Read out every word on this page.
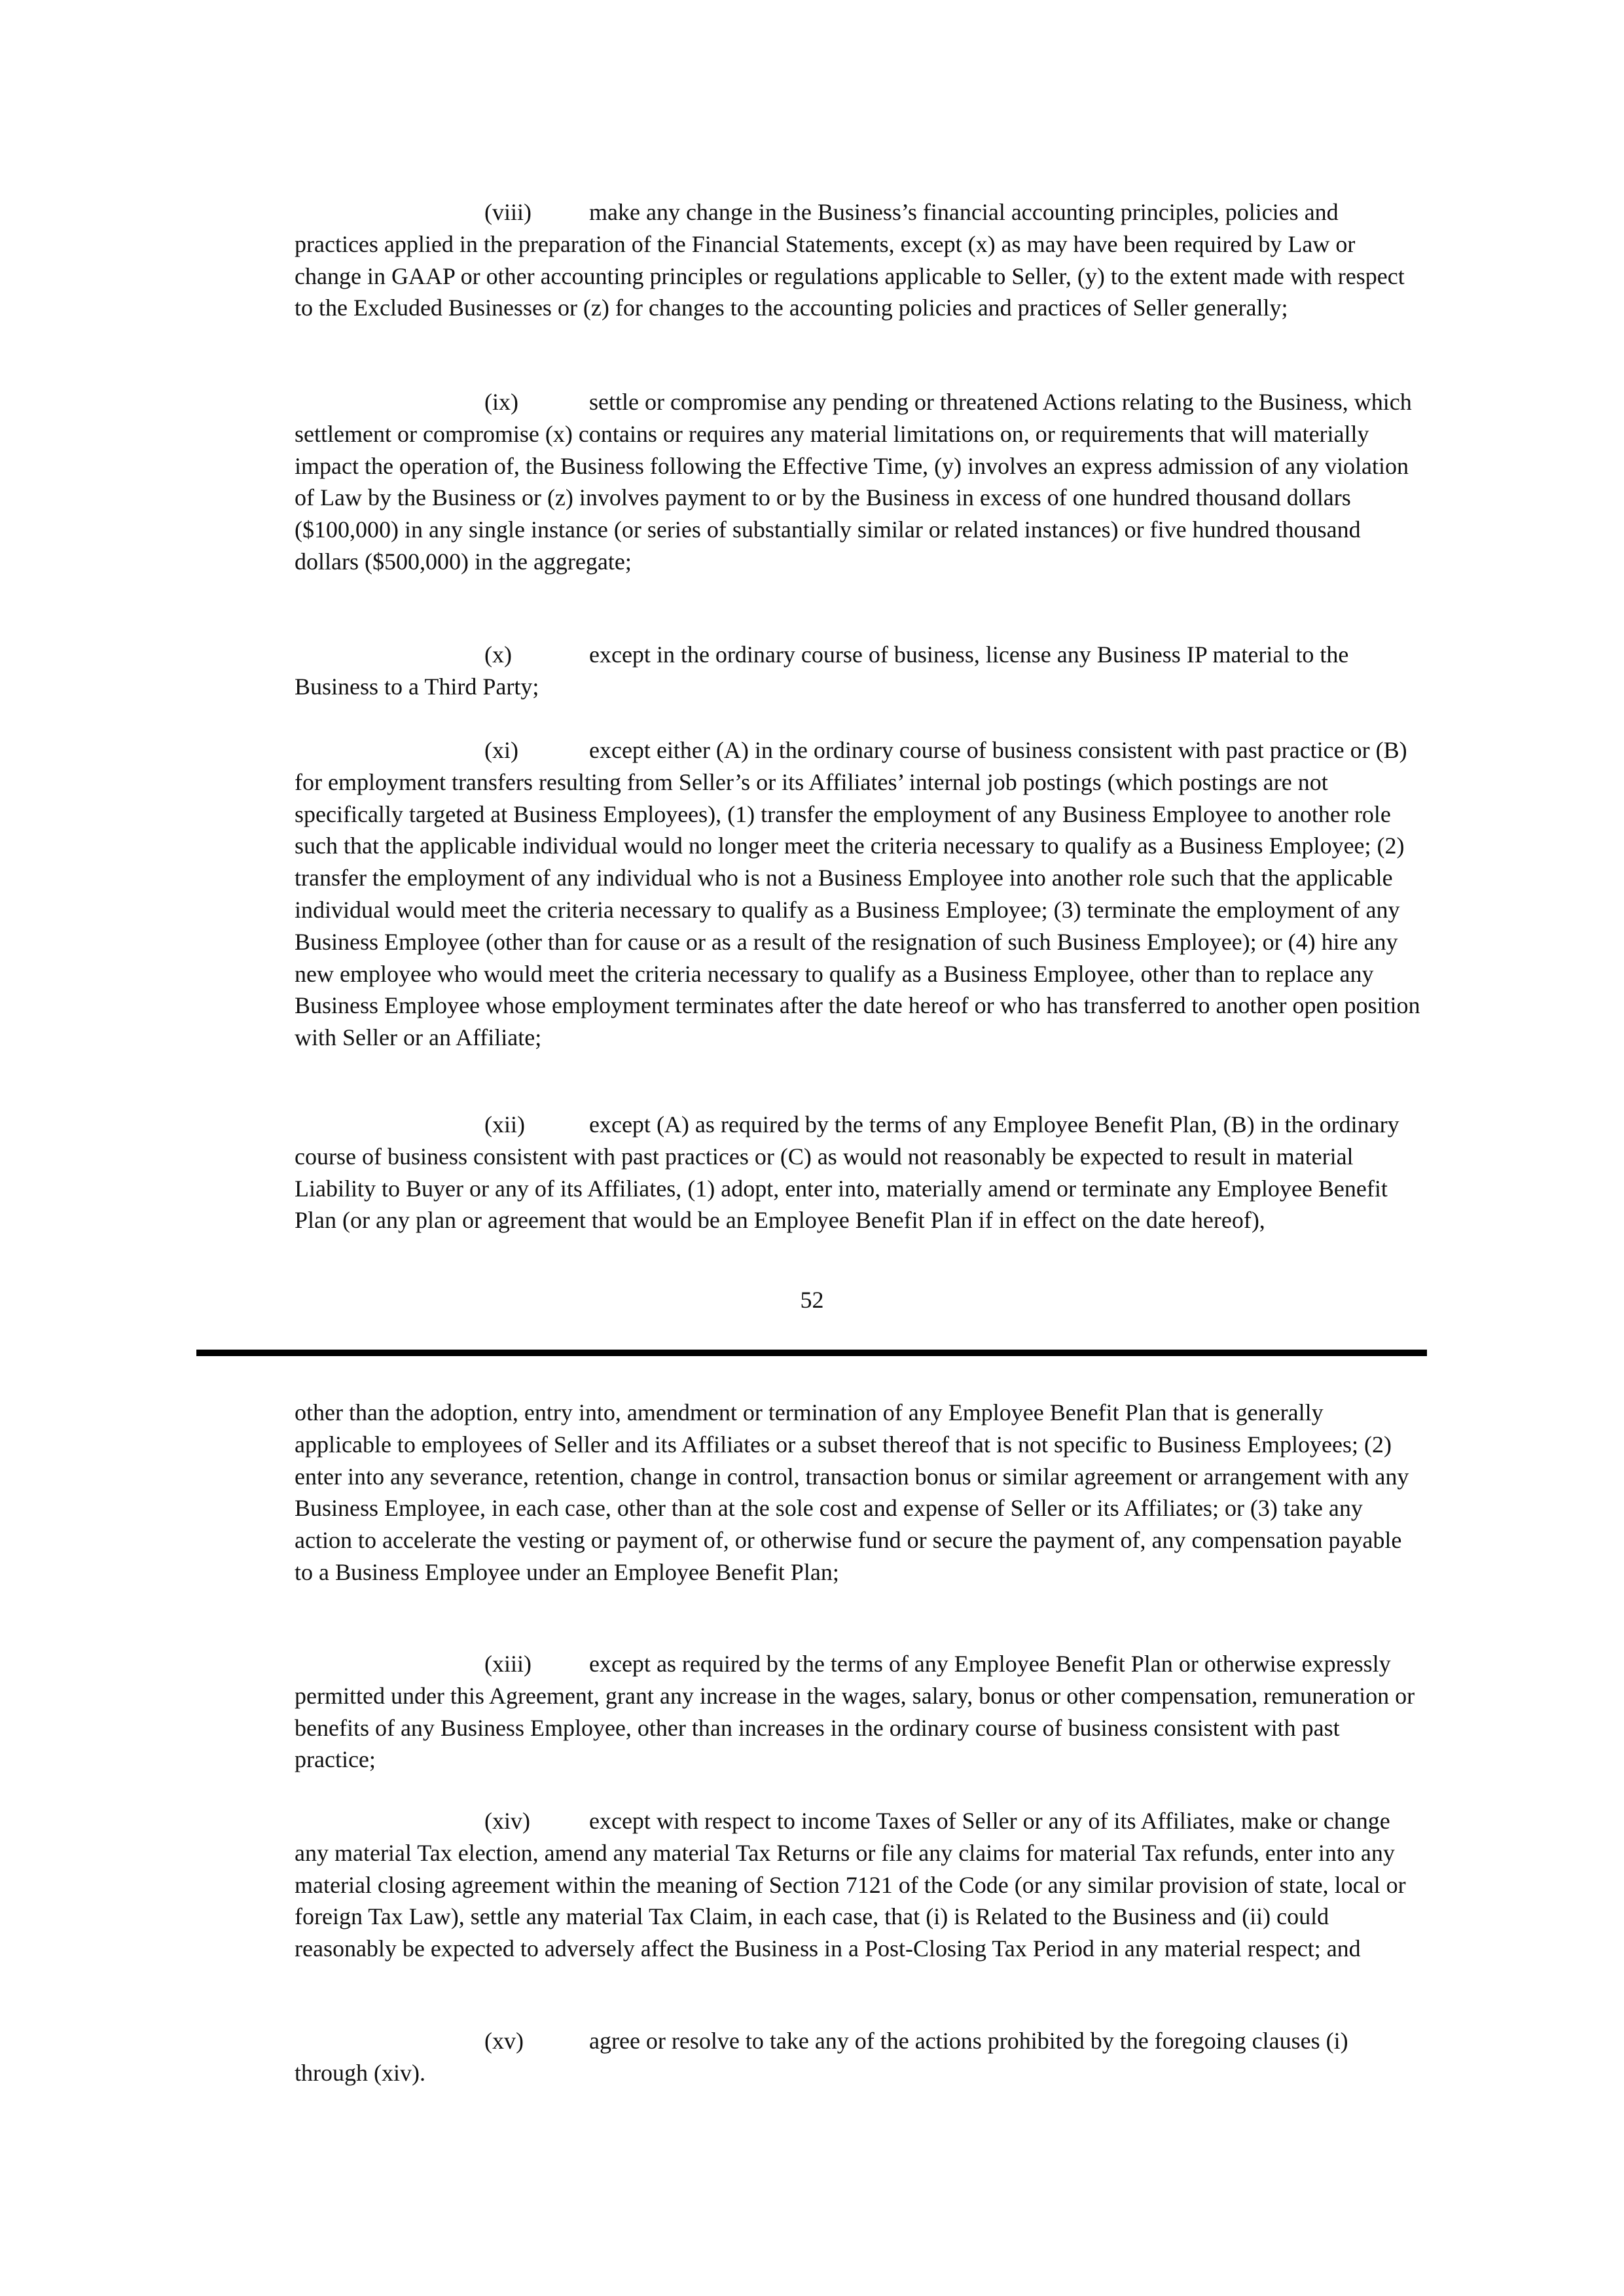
(viii) make any change in the Business’s financial accounting principles, policies and practices applied in the preparation of the Financial Statements, except (x) as may have been required by Law or change in GAAP or other accounting principles or regulations applicable to Seller, (y) to the extent made with respect to the Excluded Businesses or (z) for changes to the accounting policies and practices of Seller generally;

(ix)	settle or compromise any pending or threatened Actions relating to the Business, which settlement or compromise (x) contains or requires any material limitations on, or requirements that will materially impact the operation of, the Business following the Effective Time, (y) involves an express admission of any violation of Law by the Business or (z) involves payment to or by the Business in excess of one hundred thousand dollars ($100,000) in any single instance (or series of substantially similar or related instances) or five hundred thousand dollars ($500,000) in the aggregate;

(x)	except in the ordinary course of business, license any Business IP material to the Business to a Third Party;

(xi)	except either (A) in the ordinary course of business consistent with past practice or (B) for employment transfers resulting from Seller’s or its Affiliates’ internal job postings (which postings are not specifically targeted at Business Employees), (1) transfer the employment of any Business Employee to another role such that the applicable individual would no longer meet the criteria necessary to qualify as a Business Employee; (2) transfer the employment of any individual who is not a Business Employee into another role such that the applicable individual would meet the criteria necessary to qualify as a Business Employee; (3) terminate the employment of any Business Employee (other than for cause or as a result of the resignation of such Business Employee); or (4) hire any new employee who would meet the criteria necessary to qualify as a Business Employee, other than to replace any Business Employee whose employment terminates after the date hereof or who has transferred to another open position with Seller or an Affiliate;

(xii)	except (A) as required by the terms of any Employee Benefit Plan, (B) in the ordinary course of business consistent with past practices or (C) as would not reasonably be expected to result in material Liability to Buyer or any of its Affiliates, (1) adopt, enter into, materially amend or terminate any Employee Benefit Plan (or any plan or agreement that would be an Employee Benefit Plan if in effect on the date hereof),

52

other than the adoption, entry into, amendment or termination of any Employee Benefit Plan that is generally applicable to employees of Seller and its Affiliates or a subset thereof that is not specific to Business Employees; (2) enter into any severance, retention, change in control, transaction bonus or similar agreement or arrangement with any Business Employee, in each case, other than at the sole cost and expense of Seller or its Affiliates; or (3) take any action to accelerate the vesting or payment of, or otherwise fund or secure the payment of, any compensation payable to a Business Employee under an Employee Benefit Plan;

(xiii) except as required by the terms of any Employee Benefit Plan or otherwise expressly permitted under this Agreement, grant any increase in the wages, salary, bonus or other compensation, remuneration or benefits of any Business Employee, other than increases in the ordinary course of business consistent with past practice;

(xiv)	except with respect to income Taxes of Seller or any of its Affiliates, make or change any material Tax election, amend any material Tax Returns or file any claims for material Tax refunds, enter into any material closing agreement within the meaning of Section 7121 of the Code (or any similar provision of state, local or foreign Tax Law), settle any material Tax Claim, in each case, that (i) is Related to the Business and (ii) could reasonably be expected to adversely affect the Business in a Post-Closing Tax Period in any material respect; and

(xv)	agree or resolve to take any of the actions prohibited by the foregoing clauses (i) through (xiv).
